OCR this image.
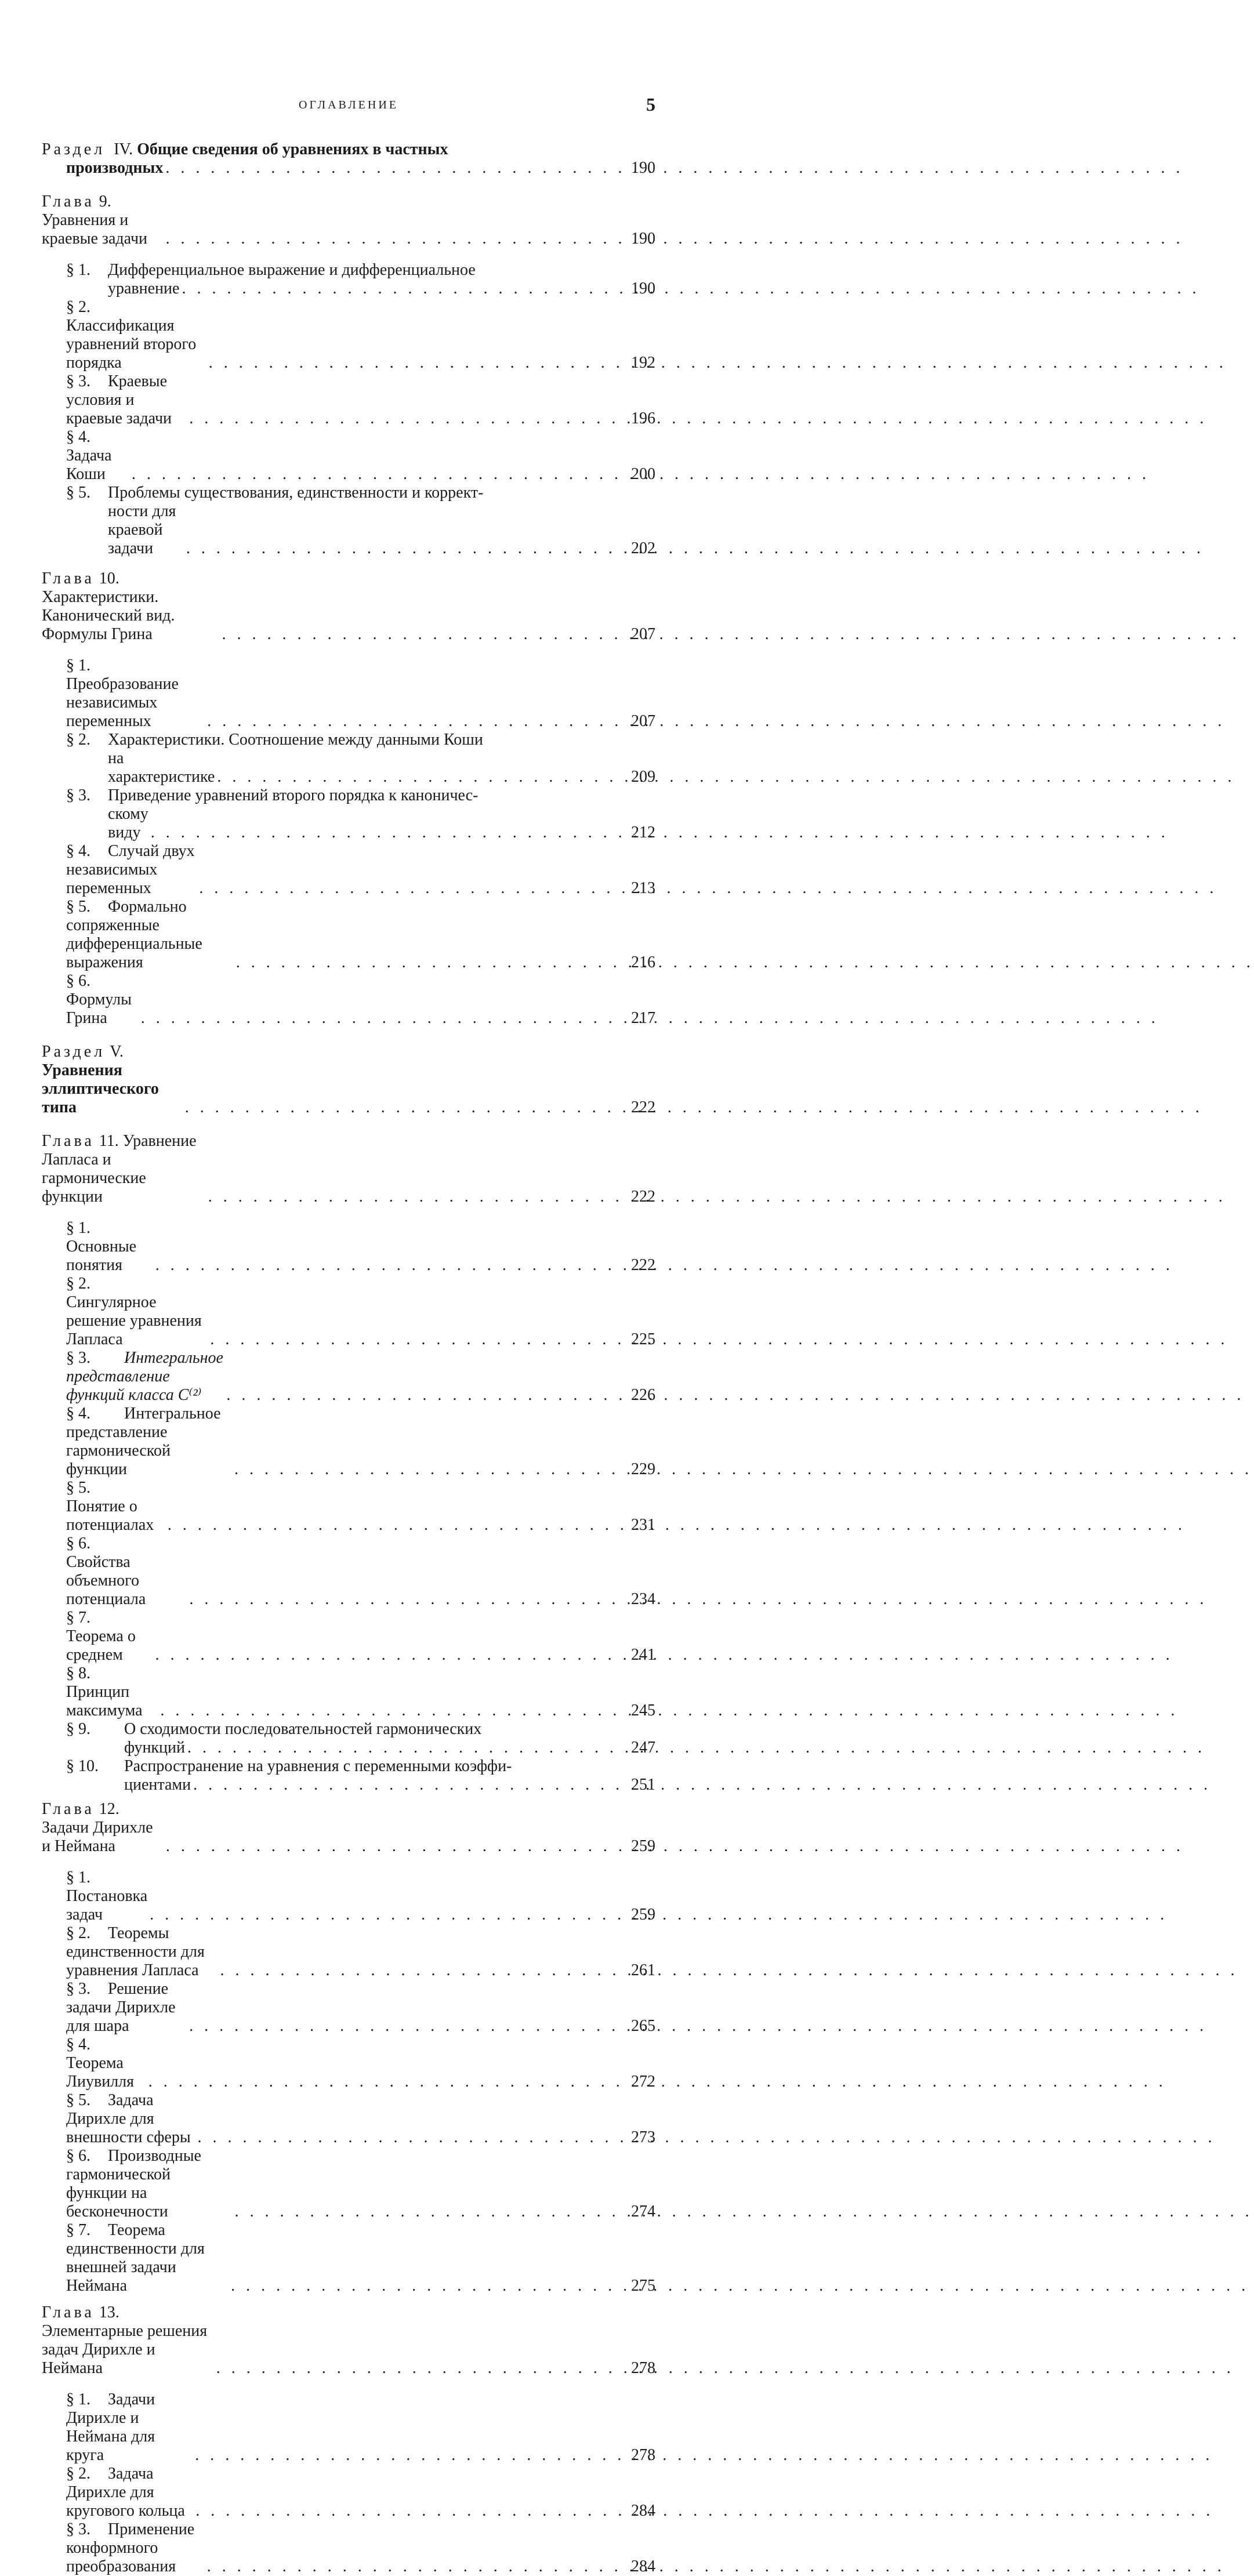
ОГЛАВЛЕНИЕ	5
Раздел IV. Общие сведения об уравнениях в частных
производных . . .	190
Глава 9. Уравнения и краевые задачи . . .	190
§ 1. Дифференциальное выражение и дифференциальное
уравнение . . .	190
§ 2.Классификация уравнений второго порядка . . .	192
§ 3. Краевые условия и краевые задачи . . .	196
§ 4.Задача Коши . . .	200
§ 5. Проблемы существования, единственности и коррект-
ности для краевой задачи . . .	202
Глава 10. Характеристики. Канонический вид. Формулы Грина . . .	207
§ 1.Преобразование независимых переменных . . .	207
§ 2. Характеристики. Соотношение между данными Коши
на характеристике . . .	209
§ 3. Приведение уравнений второго порядка к каноничес-
скому виду . . .	212
§ 4. Случай двух независимых переменных . . .	213
§ 5. Формально сопряженные дифференциальные выражения . . .	216
§ 6.Формулы Грина . . .	217
Раздел V. Уравнения эллиптического типа . . .	222
Глава 11. Уравнение Лапласа и гармонические функции . . .	222
§ 1.Основные понятия . . .	222
§ 2.Сингулярное решение уравнения Лапласа . . .	225
§ 3. Интегральное представление функций класса C⁽²⁾ . . .	226
§ 4. Интегральное представление гармонической функции . . .	229
§ 5.Понятие о потенциалах . . .	231
§ 6.Свойства объемного потенциала . . .	234
§ 7.Теорема о среднем . . .	241
§ 8.Принцип максимума . . .	245
§ 9. О сходимости последовательностей гармонических
функций . . .	247
§ 10. Распространение на уравнения с переменными коэффи-
циентами . . .	251
Глава 12. Задачи Дирихле и Неймана . . .	259
§ 1.Постановка задач . . .	259
§ 2. Теоремы единственности для уравнения Лапласа . . .	261
§ 3. Решение задачи Дирихле для шара . . .	265
§ 4.Теорема Лиувилля . . .	272
§ 5. Задача Дирихле для внешности сферы . . .	273
§ 6. Производные гармонической функции на бесконечности . . .	274
§ 7. Теорема единственности для внешней задачи Неймана . . .	275
Глава 13. Элементарные решения задач Дирихле и Неймана . . .	278
§ 1. Задачи Дирихле и Неймана для круга . . .	278
§ 2. Задача Дирихле для кругового кольца . . .	284
§ 3. Применение конформного преобразования . . .	284
